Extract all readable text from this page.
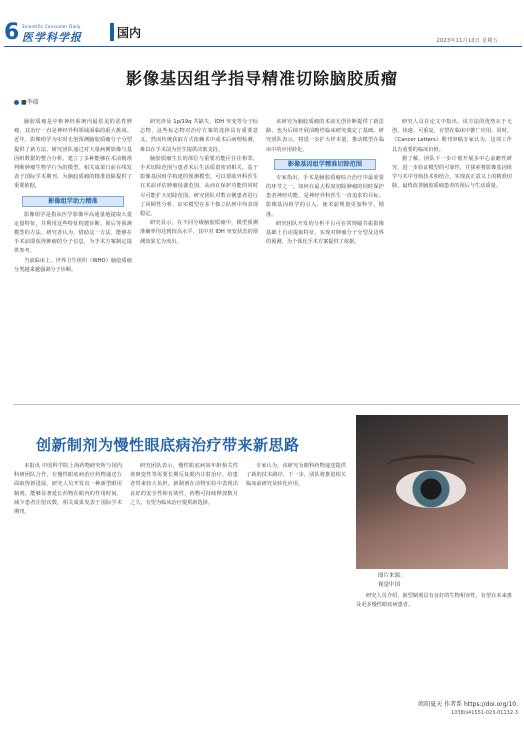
6 Scientific Consumer Daily
医学科学报	国内
2023年11月10日 星期五
影像基因组学指导精准切除脑胶质瘤
■李瑞

脑胶质瘤是中枢神经系统内最常见的恶性肿瘤，其治疗一直是神经外科领域面临的重大挑战。近年，影像组学为实时无创预测脑胶质瘤分子分型提供了新方法。研究团队通过对大量病例影像与基因组数据的整合分析，建立了多种能够在术前精准判断肿瘤生物学行为的模型。相关成果日前在线发表于国际学术期刊，为脑胶质瘤的精准切除提供了重要依据。

影像组学助力精准

影像组学是指从医学影像中高通量地提取大量定量特征，并利用这些特征构建诊断、预后等预测模型的方法。研究者认为，借助这一方法，能够在手术前即获得肿瘤的分子信息，为手术方案制定提供参考。

当前临床上，世界卫生组织（WHO）脑胶质瘤分类越来越强调分子诊断。

研究涉及 1p/19q 共缺失、IDH 突变等分子标志物，这些标志物对治疗方案的选择具有重要意义。然而传统获取方式依赖术中或术后病理检测，难以在手术前为医生提供决策支持。

脑胶质瘤生长的部位与重要功能区往往相邻，手术切除范围与患者术后生活质量密切相关。基于影像基因组学构建的预测模型，可以帮助外科医生在术前评估肿瘤侵袭范围，从而在保护功能的同时尽可能扩大切除范围。研究团队对数百例患者进行了回顾性分析，证实模型在多个独立队列中均表现稳定。

研究显示，在不同分级脑胶质瘤中，模型预测准确率均达到较高水平，其中对 IDH 突变状态的预测效果尤为突出。

该研究为脑胶质瘤的术前无创诊断提供了新思路，也为后续开展前瞻性临床研究奠定了基础。研究团队表示，将进一步扩大样本量，推动模型在临床中的应用转化。

影像基因组学精准切除范围

专家指出，手术是脑胶质瘤综合治疗中最重要的环节之一。如何在最大程度切除肿瘤的同时保护患者神经功能，是神经外科医生一直追求的目标。影像基因组学的引入，使术前规划更加科学、精准。

研究团队开发的分析平台可在常规磁共振影像基础上自动提取特征，实现对肿瘤分子分型及边界的预测，为个体化手术方案提供了依据。

研究人员在论文中指出，该方法的优势在于无创、快速、可重复，有望在临床中推广应用。同时，《Cancer Letters》期刊审稿专家认为，这项工作具有重要的临床价值。

据了解，团队下一步计划开展多中心前瞻性研究，进一步验证模型的可靠性，并探索将影像基因组学与术中导航技术相结合，实现真正意义上的精准切除，最终改善脑胶质瘤患者的预后与生活质量。

创新制剂为慢性眼底病治疗带来新思路

本报讯 中国科学院上海药物研究所与国内科研团队合作，在慢性眼底病治疗药物递送方面取得新进展。研究人员开发出一种新型眼用制剂，能够显著延长药物在眼内的作用时间，减少患者注射次数，相关成果发表于国际学术期刊。

研究团队表示，慢性眼底病如年龄相关性黄斑变性等需要长期反复眼内注射治疗，给患者带来较大负担。新制剂在动物实验中表现出良好的安全性和有效性，药物可持续释放数月之久，有望为临床治疗提供新选择。

专家认为，该研究为眼科药物递送提供了新的技术路径。下一步，团队将推进相关临床前研究及转化应用。

图片来源：
视觉中国

研究人员介绍，新型制剂具有良好的生物相容性，有望在未来惠及更多慢性眼底病患者。

欧阳夏天 作者系 https://doi.org/10.
1038/s41551-023-01132-3
